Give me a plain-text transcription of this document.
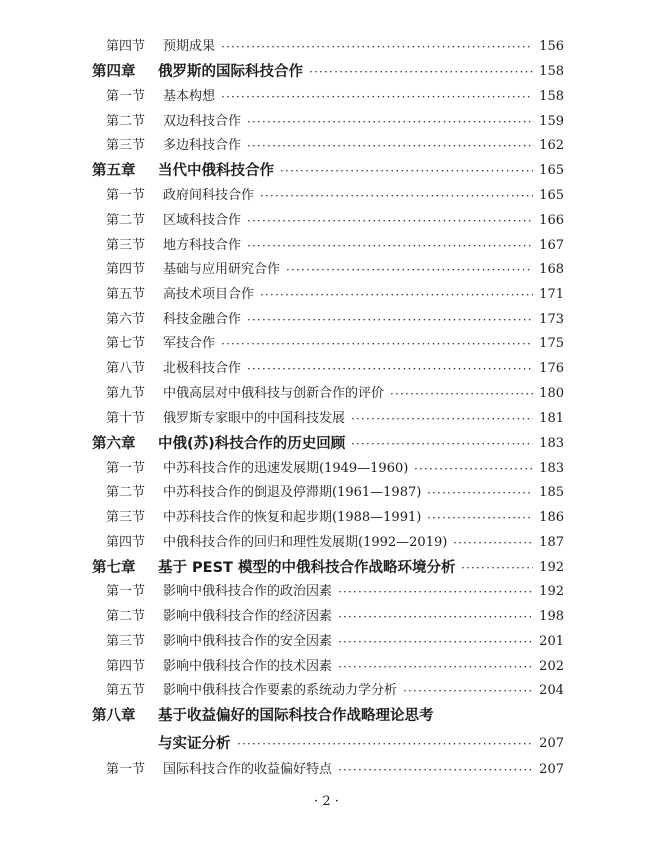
第四节 预期成果	156
·····
第四章 俄罗斯的国际科技合作	158
·····
第一节 基本构想	158
·····
第二节 双边科技合作	159
·····
第三节 多边科技合作	162
·····
第五章 当代中俄科技合作	165
·····
第一节 政府间科技合作	165
·····
第二节 区域科技合作	166
·····
第三节 地方科技合作	167
·····
第四节 基础与应用研究合作	168
·····
第五节 高技术项目合作	171
·····
第六节 科技金融合作	173
·····
第七节 军技合作	175
·····
第八节 北极科技合作	176
·····
第九节 中俄高层对中俄科技与创新合作的评价	180
·····
第十节 俄罗斯专家眼中的中国科技发展	181
·····
第六章 中俄(苏)科技合作的历史回顾	183
·····
第一节 中苏科技合作的迅速发展期(1949—1960)	183
·····
第二节 中苏科技合作的倒退及停滞期(1961—1987)	185
·····
第三节 中苏科技合作的恢复和起步期(1988—1991)	186
·····
第四节 中俄科技合作的回归和理性发展期(1992—2019)	187
·····
第七章 基于 PEST 模型的中俄科技合作战略环境分析	192
·····
第一节 影响中俄科技合作的政治因素	192
·····
第二节 影响中俄科技合作的经济因素	198
·····
第三节 影响中俄科技合作的安全因素	201
·····
第四节 影响中俄科技合作的技术因素	202
·····
第五节 影响中俄科技合作要素的系统动力学分析	204
·····
第八章 基于收益偏好的国际科技合作战略理论思考
与实证分析	207
·····
第一节 国际科技合作的收益偏好特点	207
·····
· 2 ·
